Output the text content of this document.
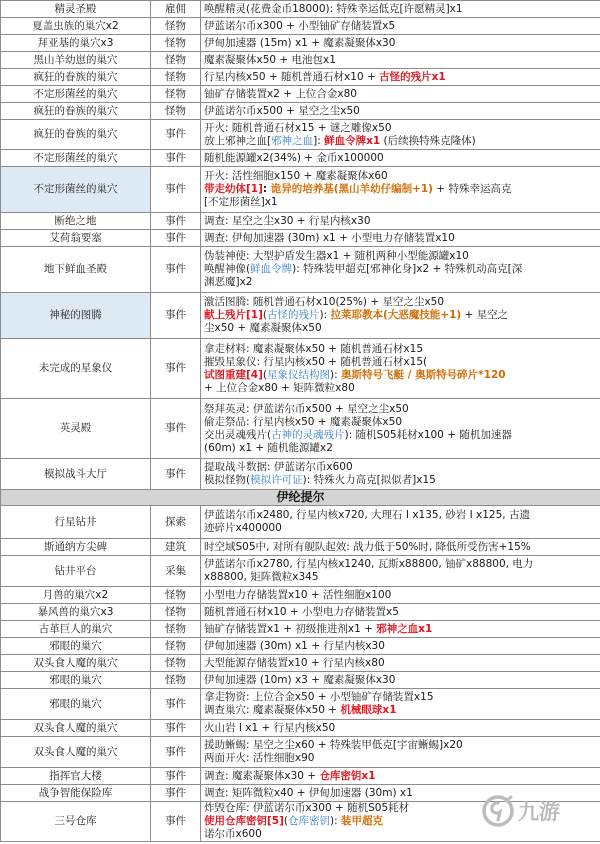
精灵圣殿	雇佣	唤醒精灵(花费金币18000): 特殊幸运低克[许愿精灵]x1

夏盖虫族的巢穴x2	怪物	伊蓝诺尔币x300 + 小型铀矿存储装置x5

拜亚基的巢穴x3	怪物	伊甸加速器 (15m) x1 + 魔素凝聚体x30

黑山羊幼崽的巢穴	怪物	魔素凝聚体x50 + 电池包x1

疯狂的眷族的巢穴	怪物	行星内核x50 + 随机普通石材x10 + 古怪的残片x1

不定形菌丝的巢穴	怪物	铀矿存储装置x2 + 上位合金x80

疯狂的眷族的巢穴	怪物	伊蓝诺尔币x500 + 星空之尘x50

疯狂的眷族的巢穴	事件	开火: 随机普通石材x15 + 谜之雕像x50
放上邪神之血[邪神之血]: 鲜血令牌x1 (后续换特殊克隆体)

不定形菌丝的巢穴	事件	随机能源罐x2(34%) + 金币x100000

不定形菌丝的巢穴	事件	开火: 活性细胞x150 + 魔素凝聚体x60
带走幼体[1]: 诡异的培养基(黑山羊幼仔编制+1) + 特殊幸运高克
[不定形菌丝]x1

断绝之地	事件	调查: 星空之尘x30 + 行星内核x30

艾荷翁要塞	事件	调查: 伊甸加速器 (30m) x1 + 小型电力存储装置x10

地下鲜血圣殿	事件	伪装神使: 大型护盾发生器x1 + 随机两种小型能源罐x10
唤醒神像(鲜血令牌): 特殊装甲超克[邪神化身]x2 + 特殊机动高克[深
渊恶魔]x2

神秘的图腾	事件	激活图腾: 随机普通石材x10(25%) + 星空之尘x50
献上残片[1](古怪的残片): 拉莱耶教本(大恶魔技能+1) + 星空之
尘x50 + 魔素凝聚体x50

未完成的星象仪	事件	拿走材料: 魔素凝聚体x50 + 随机普通石材x15
摧毁星象仪: 行星内核x50 + 随机普通石材x15(
试图重建[4](星象仪结构图): 奥斯特号飞艇 / 奥斯特号碎片*120
+ 上位合金x80 + 矩阵微粒x80

英灵殿	事件	祭拜英灵: 伊蓝诺尔币x500 + 星空之尘x50
偷走祭品: 行星内核x50 + 魔素凝聚体x50
交出灵魂残片(古神的灵魂残片): 随机S05耗材x100 + 随机加速器
(60m) x1 + 随机能源罐x2

模拟战斗大厅	事件	提取战斗数据: 伊蓝诺尔币x600
模拟怪物(模拟许可证): 特殊火力高克[拟似者]x15

伊纶提尔		
行星钻井	探索	伊蓝诺尔币x2480, 行星内核x720, 大理石 I x135, 砂岩 I x125, 古遗
迹碎片x400000

斯通纳方尖碑	建筑	时空域S05中, 对所有舰队起效: 战力低于50%时, 降低所受伤害+15%

钻井平台	采集	伊蓝诺尔币x2780, 行星内核x1240, 瓦斯x88800, 铀矿x88800, 电力
x88800, 矩阵微粒x345

月兽的巢穴x2	怪物	小型电力存储装置x10 + 活性细胞x100

暴风兽的巢穴x3	怪物	随机普通石材x10 + 小型电力存储装置x5

古革巨人的巢穴	怪物	铀矿存储装置x1 + 初级推进剂x1 + 邪神之血x1

邪眼的巢穴	怪物	伊甸加速器 (30m) x1 + 行星内核x30

双头食人魔的巢穴	怪物	大型能源存储装置x10 + 行星内核x80

邪眼的巢穴	怪物	伊甸加速器 (10m) x3 + 魔素凝聚体x30

邪眼的巢穴	事件	拿走物资: 上位合金x50 + 小型铀矿存储装置x15
调查巢穴: 魔素凝聚体x50 + 机械眼球x1

双头食人魔的巢穴	事件	火山岩 I x1 + 行星内核x50

双头食人魔的巢穴	事件	援助蜥蜴: 星空之尘x60 + 特殊装甲低克[宇宙蜥蜴]x20
两面开火: 活性细胞x90

指挥官大楼	事件	调查: 魔素凝聚体x30 + 仓库密钥x1

战争智能保险库	事件	调查: 矩阵微粒x40 + 伊甸加速器 (30m) x1

三号仓库	事件	炸毁仓库: 伊蓝诺尔币x300 + 随机S05耗材
使用仓库密钥[5](仓库密钥): 装甲超克
诺尔币x600
九游
